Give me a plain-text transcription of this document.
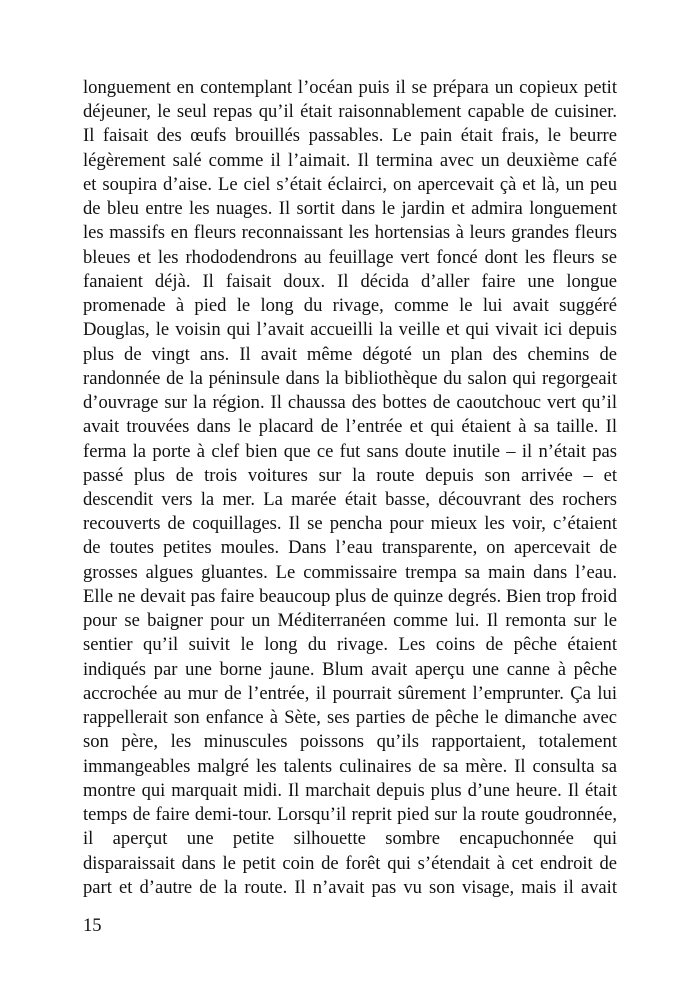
longuement en contemplant l’océan puis il se prépara un copieux petit
déjeuner, le seul repas qu’il était raisonnablement capable de cuisiner.
Il faisait des œufs brouillés passables. Le pain était frais, le beurre
légèrement salé comme il l’aimait. Il termina avec un deuxième café
et soupira d’aise. Le ciel s’était éclairci, on apercevait çà et là, un peu
de bleu entre les nuages. Il sortit dans le jardin et admira longuement
les massifs en fleurs reconnaissant les hortensias à leurs grandes fleurs
bleues et les rhododendrons au feuillage vert foncé dont les fleurs se
fanaient déjà. Il faisait doux. Il décida d’aller faire une longue
promenade à pied le long du rivage, comme le lui avait suggéré
Douglas, le voisin qui l’avait accueilli la veille et qui vivait ici depuis
plus de vingt ans. Il avait même dégoté un plan des chemins de
randonnée de la péninsule dans la bibliothèque du salon qui regorgeait
d’ouvrage sur la région. Il chaussa des bottes de caoutchouc vert qu’il
avait trouvées dans le placard de l’entrée et qui étaient à sa taille. Il
ferma la porte à clef bien que ce fut sans doute inutile – il n’était pas
passé plus de trois voitures sur la route depuis son arrivée – et
descendit vers la mer. La marée était basse, découvrant des rochers
recouverts de coquillages. Il se pencha pour mieux les voir, c’étaient
de toutes petites moules. Dans l’eau transparente, on apercevait de
grosses algues gluantes. Le commissaire trempa sa main dans l’eau.
Elle ne devait pas faire beaucoup plus de quinze degrés. Bien trop froid
pour se baigner pour un Méditerranéen comme lui. Il remonta sur le
sentier qu’il suivit le long du rivage. Les coins de pêche étaient
indiqués par une borne jaune. Blum avait aperçu une canne à pêche
accrochée au mur de l’entrée, il pourrait sûrement l’emprunter. Ça lui
rappellerait son enfance à Sète, ses parties de pêche le dimanche avec
son père, les minuscules poissons qu’ils rapportaient, totalement
immangeables malgré les talents culinaires de sa mère. Il consulta sa
montre qui marquait midi. Il marchait depuis plus d’une heure. Il était
temps de faire demi-tour. Lorsqu’il reprit pied sur la route goudronnée,
il aperçut une petite silhouette sombre encapuchonnée qui
disparaissait dans le petit coin de forêt qui s’étendait à cet endroit de
part et d’autre de la route. Il n’avait pas vu son visage, mais il avait
15
